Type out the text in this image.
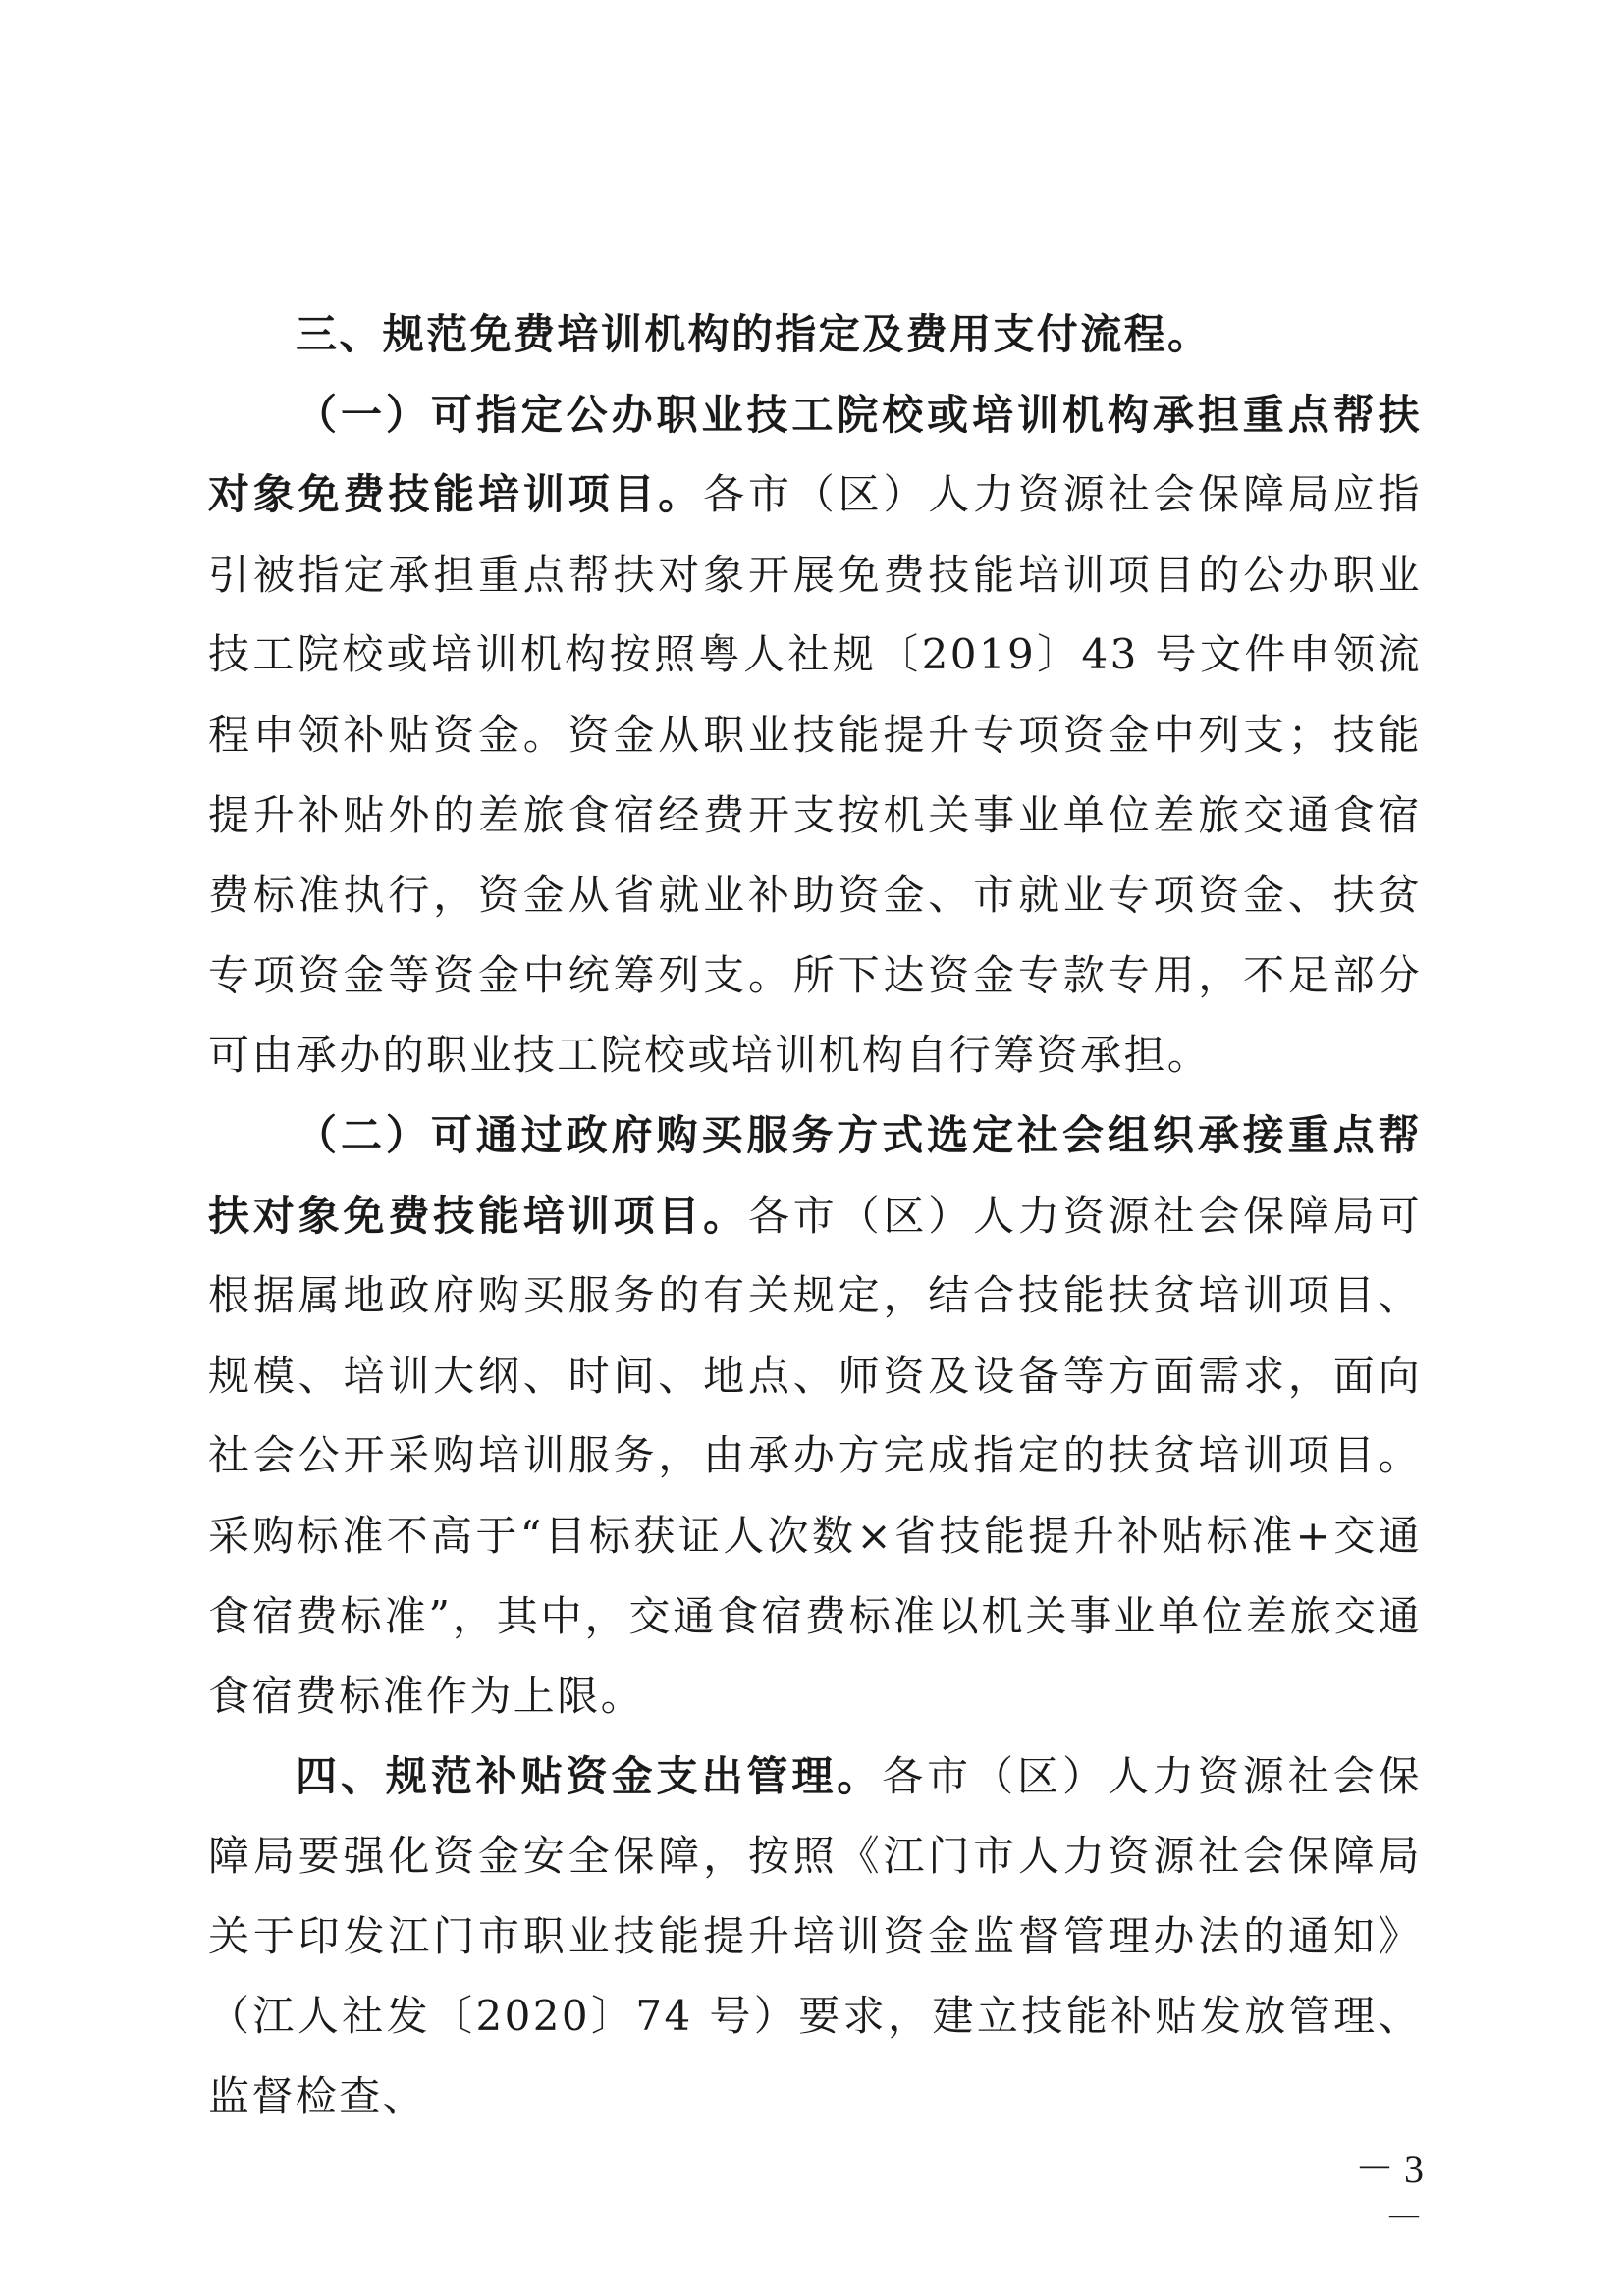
三、规范免费培训机构的指定及费用支付流程。

（一）可指定公办职业技工院校或培训机构承担重点帮扶对象免费技能培训项目。各市（区）人力资源社会保障局应指引被指定承担重点帮扶对象开展免费技能培训项目的公办职业技工院校或培训机构按照粤人社规〔2019〕43 号文件申领流程申领补贴资金。资金从职业技能提升专项资金中列支；技能提升补贴外的差旅食宿经费开支按机关事业单位差旅交通食宿费标准执行，资金从省就业补助资金、市就业专项资金、扶贫专项资金等资金中统筹列支。所下达资金专款专用，不足部分可由承办的职业技工院校或培训机构自行筹资承担。

（二）可通过政府购买服务方式选定社会组织承接重点帮扶对象免费技能培训项目。各市（区）人力资源社会保障局可根据属地政府购买服务的有关规定，结合技能扶贫培训项目、规模、培训大纲、时间、地点、师资及设备等方面需求，面向社会公开采购培训服务，由承办方完成指定的扶贫培训项目。采购标准不高于“目标获证人次数×省技能提升补贴标准+交通食宿费标准”，其中，交通食宿费标准以机关事业单位差旅交通食宿费标准作为上限。

四、规范补贴资金支出管理。各市（区）人力资源社会保障局要强化资金安全保障，按照《江门市人力资源社会保障局关于印发江门市职业技能提升培训资金监督管理办法的通知》（江人社发〔2020〕74 号）要求，建立技能补贴发放管理、监督检查、

－ 3 －
